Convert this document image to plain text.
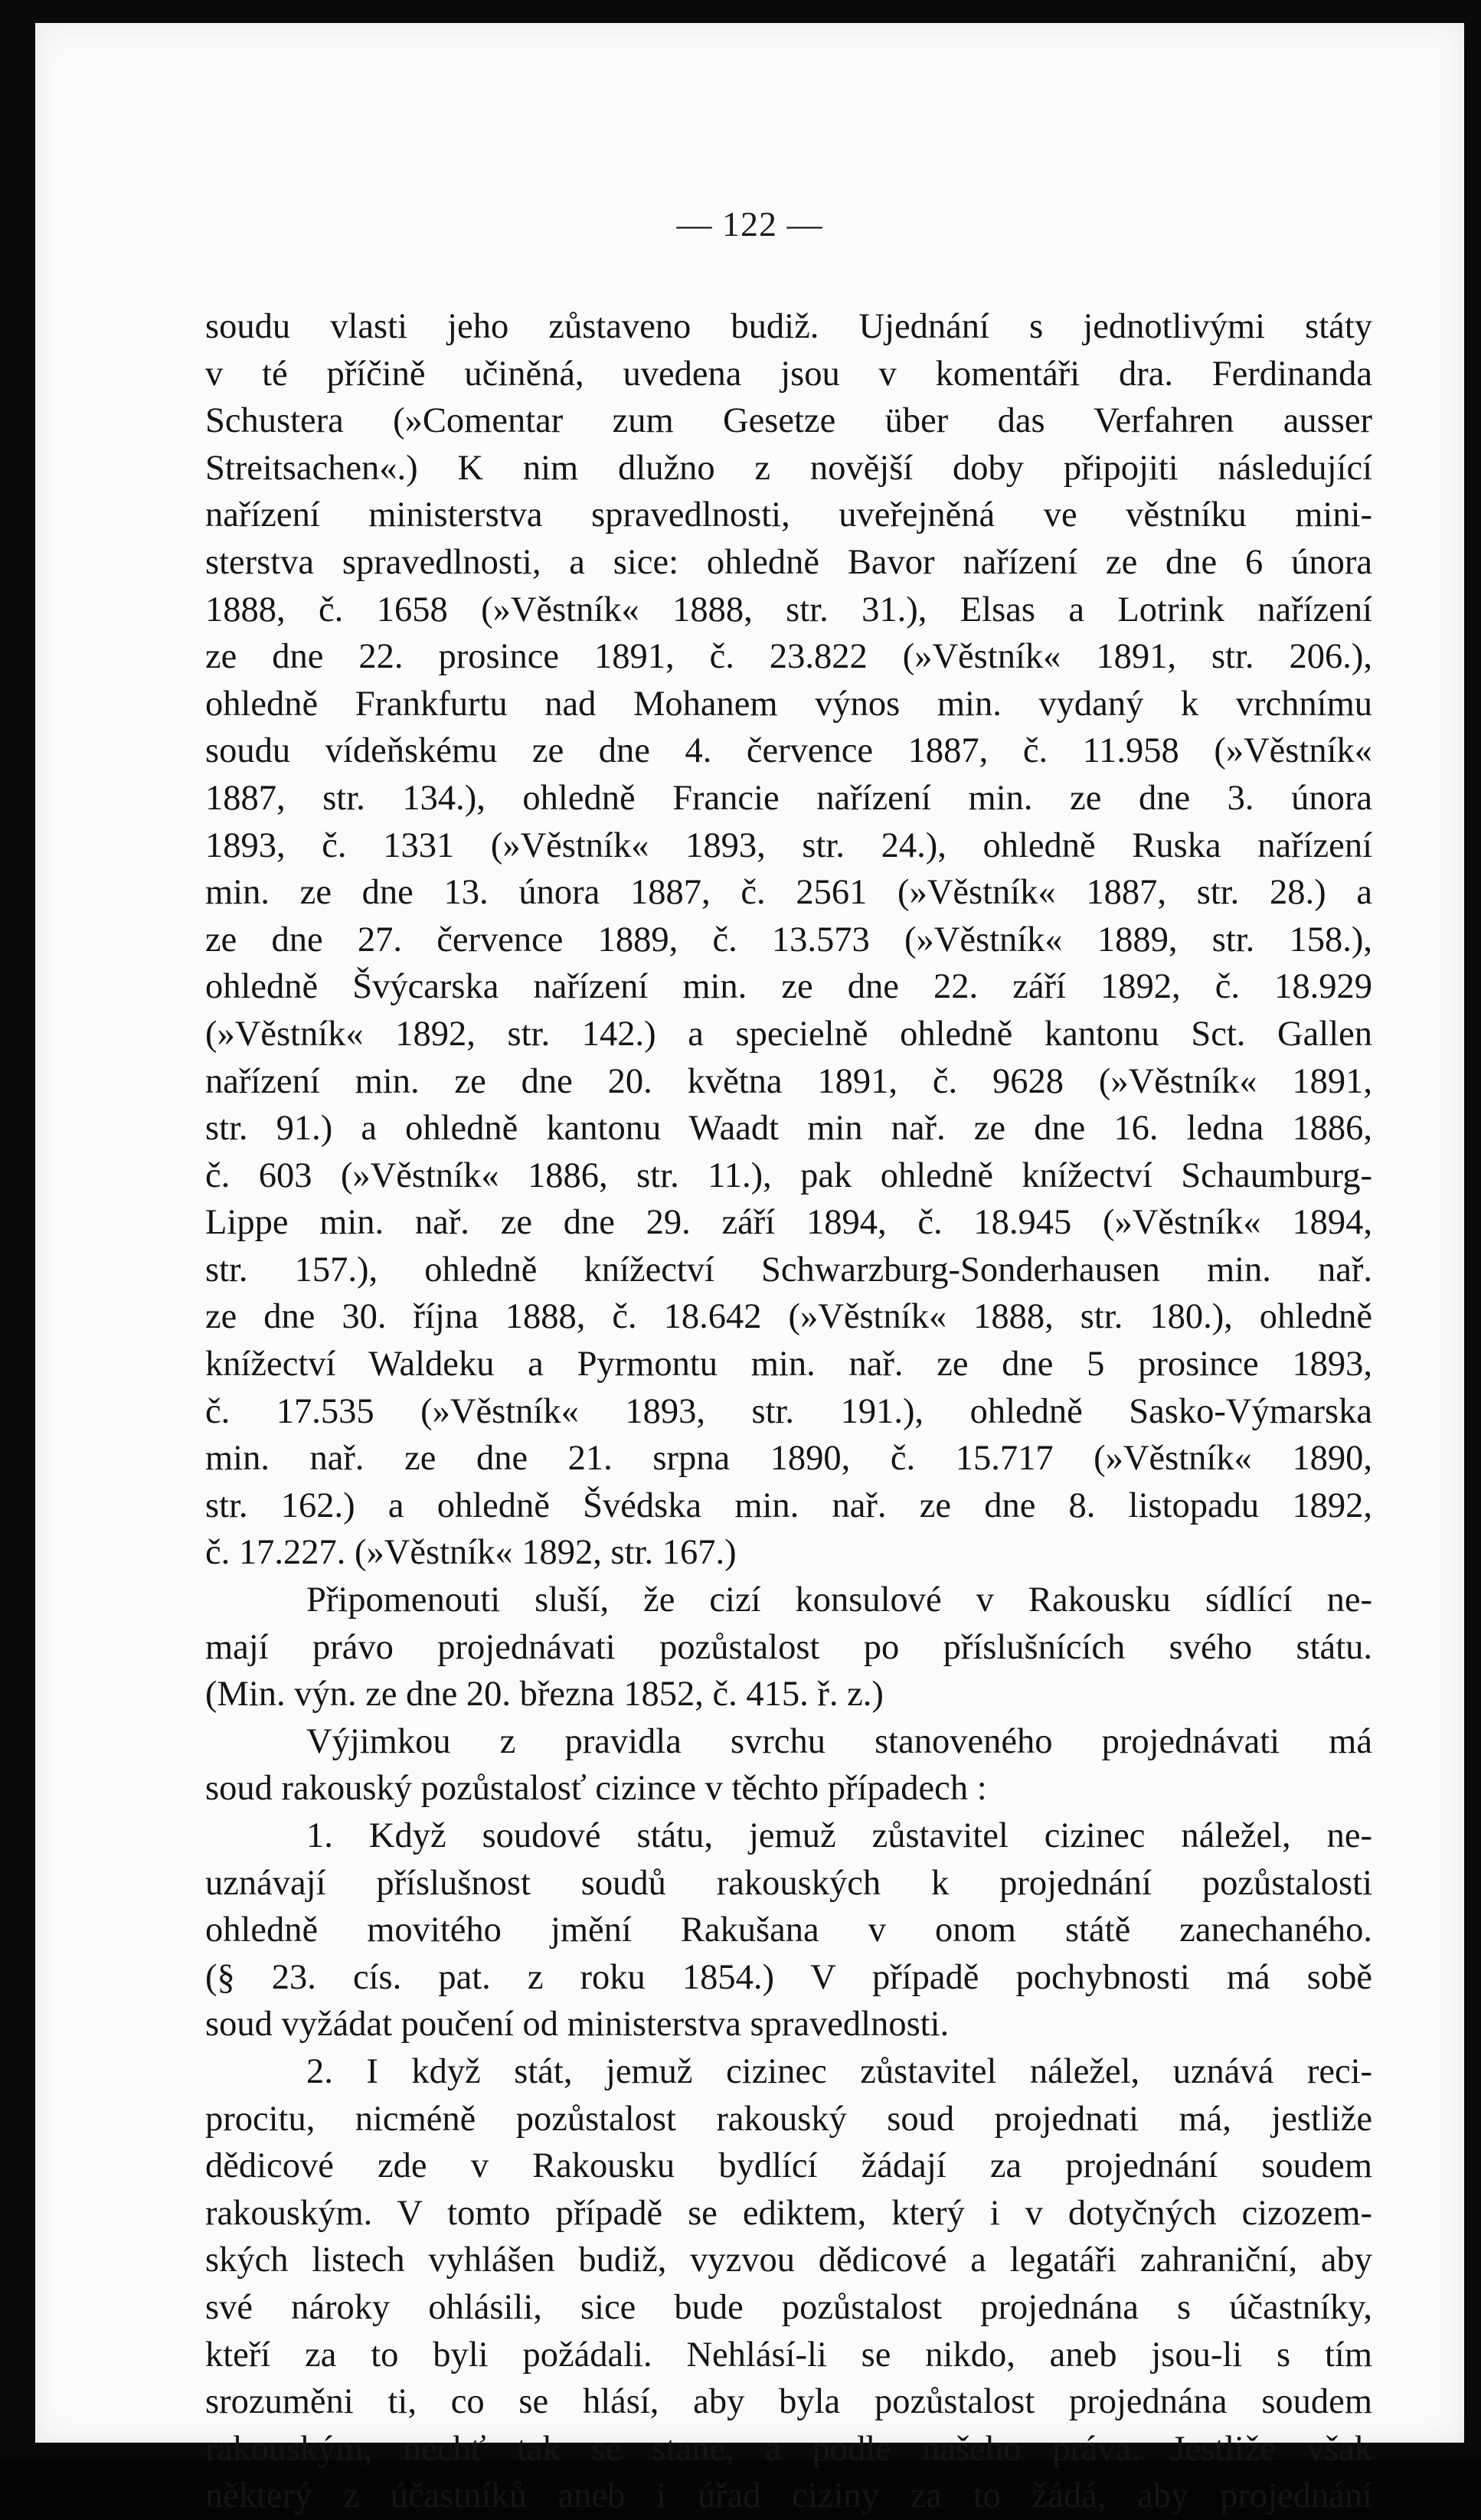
— 122 —
soudu vlasti jeho zůstaveno budiž. Ujednání s jednotlivými státy
v té příčině učiněná, uvedena jsou v komentáři dra. Ferdinanda
Schustera (»Comentar zum Gesetze über das Verfahren ausser
Streitsachen«.) K nim dlužno z novější doby připojiti následující
nařízení ministerstva spravedlnosti, uveřejněná ve věstníku mini-
sterstva spravedlnosti, a sice: ohledně Bavor nařízení ze dne 6 února
1888, č. 1658 (»Věstník« 1888, str. 31.), Elsas a Lotrink nařízení
ze dne 22. prosince 1891, č. 23.822 (»Věstník« 1891, str. 206.),
ohledně Frankfurtu nad Mohanem výnos min. vydaný k vrchnímu
soudu vídeňskému ze dne 4. července 1887, č. 11.958 (»Věstník«
1887, str. 134.), ohledně Francie nařízení min. ze dne 3. února
1893, č. 1331 (»Věstník« 1893, str. 24.), ohledně Ruska nařízení
min. ze dne 13. února 1887, č. 2561 (»Věstník« 1887, str. 28.) a
ze dne 27. července 1889, č. 13.573 (»Věstník« 1889, str. 158.),
ohledně Švýcarska nařízení min. ze dne 22. září 1892, č. 18.929
(»Věstník« 1892, str. 142.) a specielně ohledně kantonu Sct. Gallen
nařízení min. ze dne 20. května 1891, č. 9628 (»Věstník« 1891,
str. 91.) a ohledně kantonu Waadt min nař. ze dne 16. ledna 1886,
č. 603 (»Věstník« 1886, str. 11.), pak ohledně knížectví Schaumburg-
Lippe min. nař. ze dne 29. září 1894, č. 18.945 (»Věstník« 1894,
str. 157.), ohledně knížectví Schwarzburg-Sonderhausen min. nař.
ze dne 30. října 1888, č. 18.642 (»Věstník« 1888, str. 180.), ohledně
knížectví Waldeku a Pyrmontu min. nař. ze dne 5 prosince 1893,
č. 17.535 (»Věstník« 1893, str. 191.), ohledně Sasko-Výmarska
min. nař. ze dne 21. srpna 1890, č. 15.717 (»Věstník« 1890,
str. 162.) a ohledně Švédska min. nař. ze dne 8. listopadu 1892,
č. 17.227. (»Věstník« 1892, str. 167.)
Připomenouti sluší, že cizí konsulové v Rakousku sídlící ne-
mají právo projednávati pozůstalost po příslušnících svého státu.
(Min. výn. ze dne 20. března 1852, č. 415. ř. z.)
Výjimkou z pravidla svrchu stanoveného projednávati má
soud rakouský pozůstalosť cizince v těchto případech :
1. Když soudové státu, jemuž zůstavitel cizinec náležel, ne-
uznávají příslušnost soudů rakouských k projednání pozůstalosti
ohledně movitého jmění Rakušana v onom státě zanechaného.
(§ 23. cís. pat. z roku 1854.) V případě pochybnosti má sobě
soud vyžádat poučení od ministerstva spravedlnosti.
2. I když stát, jemuž cizinec zůstavitel náležel, uznává reci-
procitu, nicméně pozůstalost rakouský soud projednati má, jestliže
dědicové zde v Rakousku bydlící žádají za projednání soudem
rakouským. V tomto případě se ediktem, který i v dotyčných cizozem-
ských listech vyhlášen budiž, vyzvou dědicové a legatáři zahraniční, aby
své nároky ohlásili, sice bude pozůstalost projednána s účastníky,
kteří za to byli požádali. Nehlásí-li se nikdo, aneb jsou-li s tím
srozuměni ti, co se hlásí, aby byla pozůstalost projednána soudem
rakouským, nechť tak se stane, a podle našeho práva. Jestliže však
některý z účastníků aneb i úřad ciziny za to žádá, aby projednání
